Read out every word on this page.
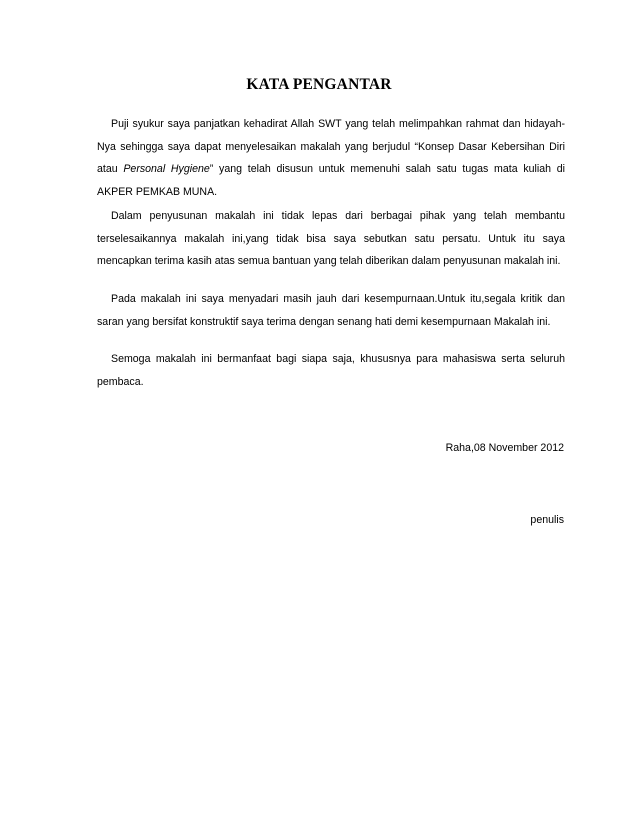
KATA PENGANTAR

Puji syukur saya panjatkan kehadirat Allah SWT yang telah melimpahkan rahmat dan hidayah-Nya sehingga saya dapat menyelesaikan makalah yang berjudul “Konsep Dasar Kebersihan Diri atau Personal Hygiene” yang telah disusun untuk memenuhi salah satu tugas mata kuliah di AKPER PEMKAB MUNA.

Dalam penyusunan makalah ini tidak lepas dari berbagai pihak yang telah membantu terselesaikannya makalah ini,yang tidak bisa saya sebutkan satu persatu. Untuk itu saya mencapkan terima kasih atas semua bantuan yang telah diberikan dalam penyusunan makalah ini.

Pada makalah ini saya menyadari masih jauh dari kesempurnaan.Untuk itu,segala kritik dan saran yang bersifat konstruktif saya terima dengan senang hati demi kesempurnaan Makalah ini.

Semoga makalah ini bermanfaat bagi siapa saja, khususnya para mahasiswa serta seluruh pembaca.

Raha,08 November 2012

penulis
